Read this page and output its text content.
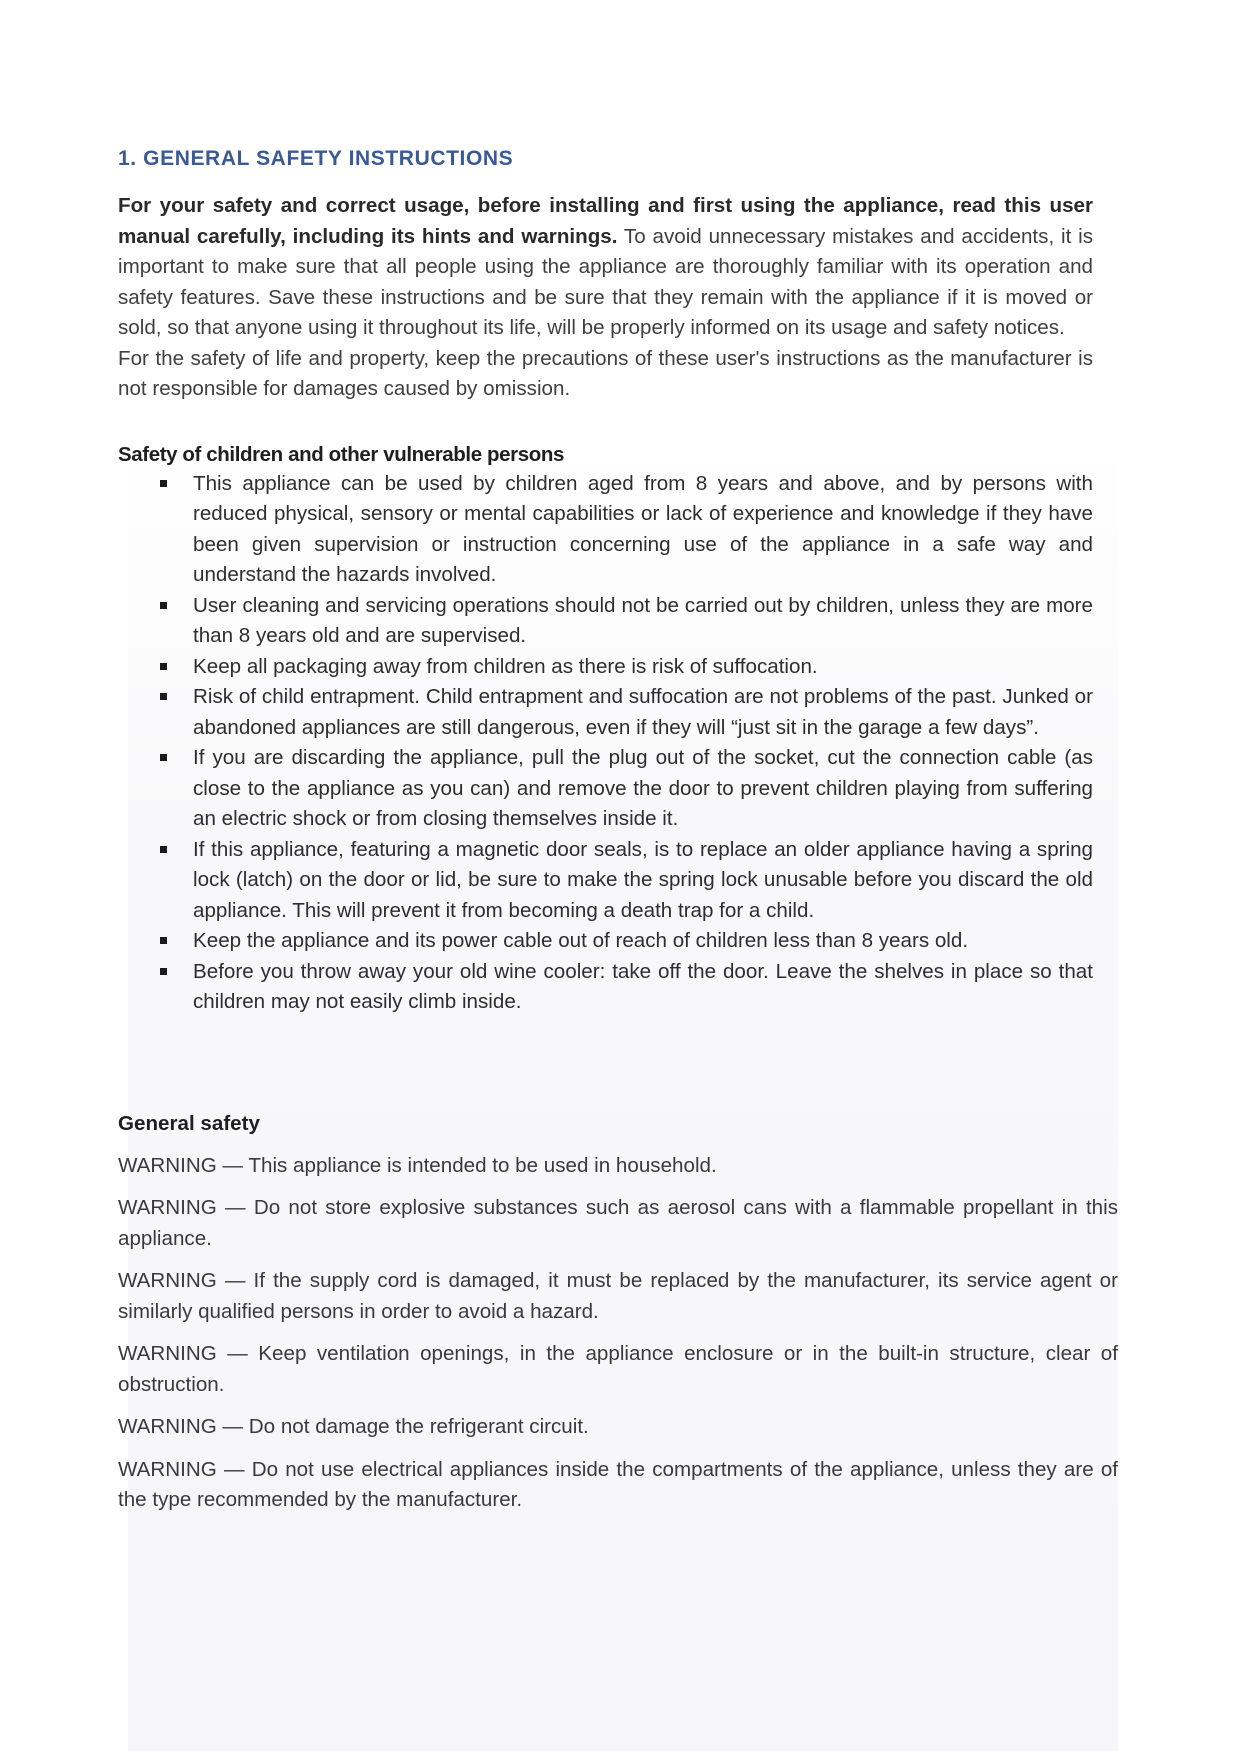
1. GENERAL SAFETY INSTRUCTIONS

For your safety and correct usage, before installing and first using the appliance, read this user manual carefully, including its hints and warnings. To avoid unnecessary mistakes and accidents, it is important to make sure that all people using the appliance are thoroughly familiar with its operation and safety features. Save these instructions and be sure that they remain with the appliance if it is moved or sold, so that anyone using it throughout its life, will be properly informed on its usage and safety notices.

For the safety of life and property, keep the precautions of these user's instructions as the manufacturer is not responsible for damages caused by omission.

Safety of children and other vulnerable persons
This appliance can be used by children aged from 8 years and above, and by persons with reduced physical, sensory or mental capabilities or lack of experience and knowledge if they have been given supervision or instruction concerning use of the appliance in a safe way and understand the hazards involved.
User cleaning and servicing operations should not be carried out by children, unless they are more than 8 years old and are supervised.
Keep all packaging away from children as there is risk of suffocation.
Risk of child entrapment. Child entrapment and suffocation are not problems of the past. Junked or abandoned appliances are still dangerous, even if they will “just sit in the garage a few days”.
If you are discarding the appliance, pull the plug out of the socket, cut the connection cable (as close to the appliance as you can) and remove the door to prevent children playing from suffering an electric shock or from closing themselves inside it.
If this appliance, featuring a magnetic door seals, is to replace an older appliance having a spring lock (latch) on the door or lid, be sure to make the spring lock unusable before you discard the old appliance. This will prevent it from becoming a death trap for a child.
Keep the appliance and its power cable out of reach of children less than 8 years old.
Before you throw away your old wine cooler: take off the door. Leave the shelves in place so that children may not easily climb inside.
General safety

WARNING — This appliance is intended to be used in household.

WARNING — Do not store explosive substances such as aerosol cans with a flammable propellant in this appliance.

WARNING — If the supply cord is damaged, it must be replaced by the manufacturer, its service agent or similarly qualified persons in order to avoid a hazard.

WARNING — Keep ventilation openings, in the appliance enclosure or in the built-in structure, clear of obstruction.

WARNING — Do not damage the refrigerant circuit.

WARNING — Do not use electrical appliances inside the compartments of the appliance, unless they are of the type recommended by the manufacturer.
